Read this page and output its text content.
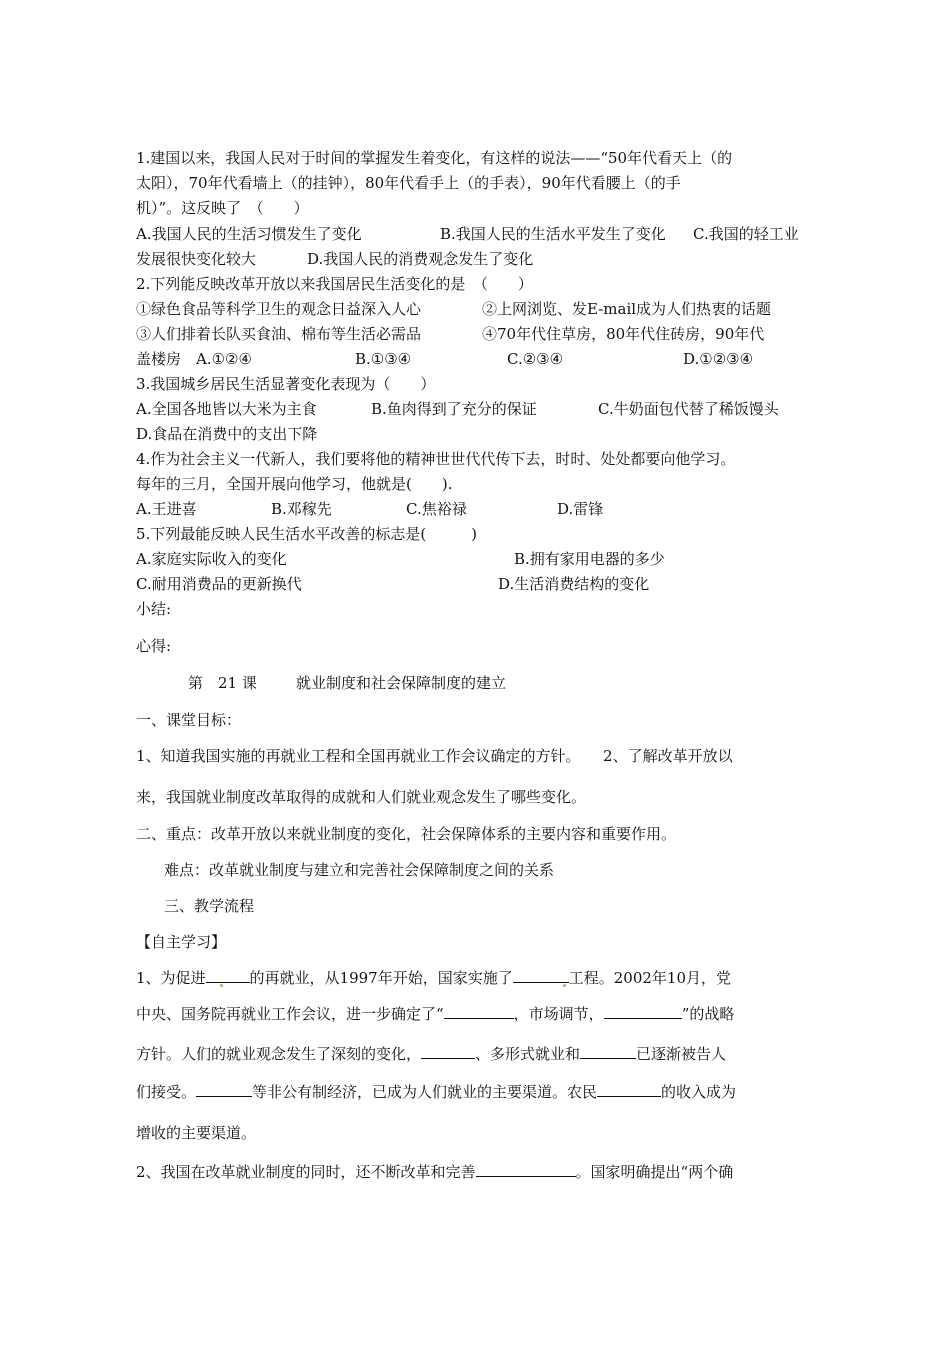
1.建国以来，我国人民对于时间的掌握发生着变化，有这样的说法——“50年代看天上（的
太阳），70年代看墙上（的挂钟），80年代看手上（的手表），90年代看腰上（的手
机）”。这反映了　（　　）
A.我国人民的生活习惯发生了变化	B.我国人民的生活水平发生了变化 C.我国的轻工业
发展很快变化较大	D.我国人民的消费观念发生了变化
2.下列能反映改革开放以来我国居民生活变化的是　（　　）
①绿色食品等科学卫生的观念日益深入人心	②上网浏览、发E-mail成为人们热衷的话题
③人们排着长队买食油、棉布等生活必需品	④70年代住草房，80年代住砖房，90年代
盖楼房 A.①②④	B.①③④	C.②③④	D.①②③④
3.我国城乡居民生活显著变化表现为（　　）
A.全国各地皆以大米为主食	B.鱼肉得到了充分的保证	C.牛奶面包代替了稀饭馒头
D.食品在消费中的支出下降
4.作为社会主义一代新人，我们要将他的精神世世代代传下去，时时、处处都要向他学习。
每年的三月，全国开展向他学习，他就是(　　).
A.王进喜	B.邓稼先	C.焦裕禄	D.雷锋
5.下列最能反映人民生活水平改善的标志是(　　　)
A.家庭实际收入的变化	B.拥有家用电器的多少
C.耐用消费品的更新换代	D.生活消费结构的变化
小结:
心得:
第　21 课	就业制度和社会保障制度的建立
一、课堂目标：
1、知道我国实施的再就业工程和全国再就业工作会议确定的方针。　　2、了解改革开放以
来，我国就业制度改革取得的成就和人们就业观念发生了哪些变化。
二、重点：改革开放以来就业制度的变化，社会保障体系的主要内容和重要作用。
难点：改革就业制度与建立和完善社会保障制度之间的关系
三、教学流程
【自主学习】
1、为促进	的再就业，从1997年开始，国家实施了	工程。2002年10月，党
中央、国务院再就业工作会议，进一步确定了“	，市场调节，	”的战略
方针。人们的就业观念发生了深刻的变化，	、多形式就业和	已逐渐被告人
们接受。	等非公有制经济，已成为人们就业的主要渠道。农民	的收入成为
增收的主要渠道。
2、我国在改革就业制度的同时，还不断改革和完善	。国家明确提出“两个确
